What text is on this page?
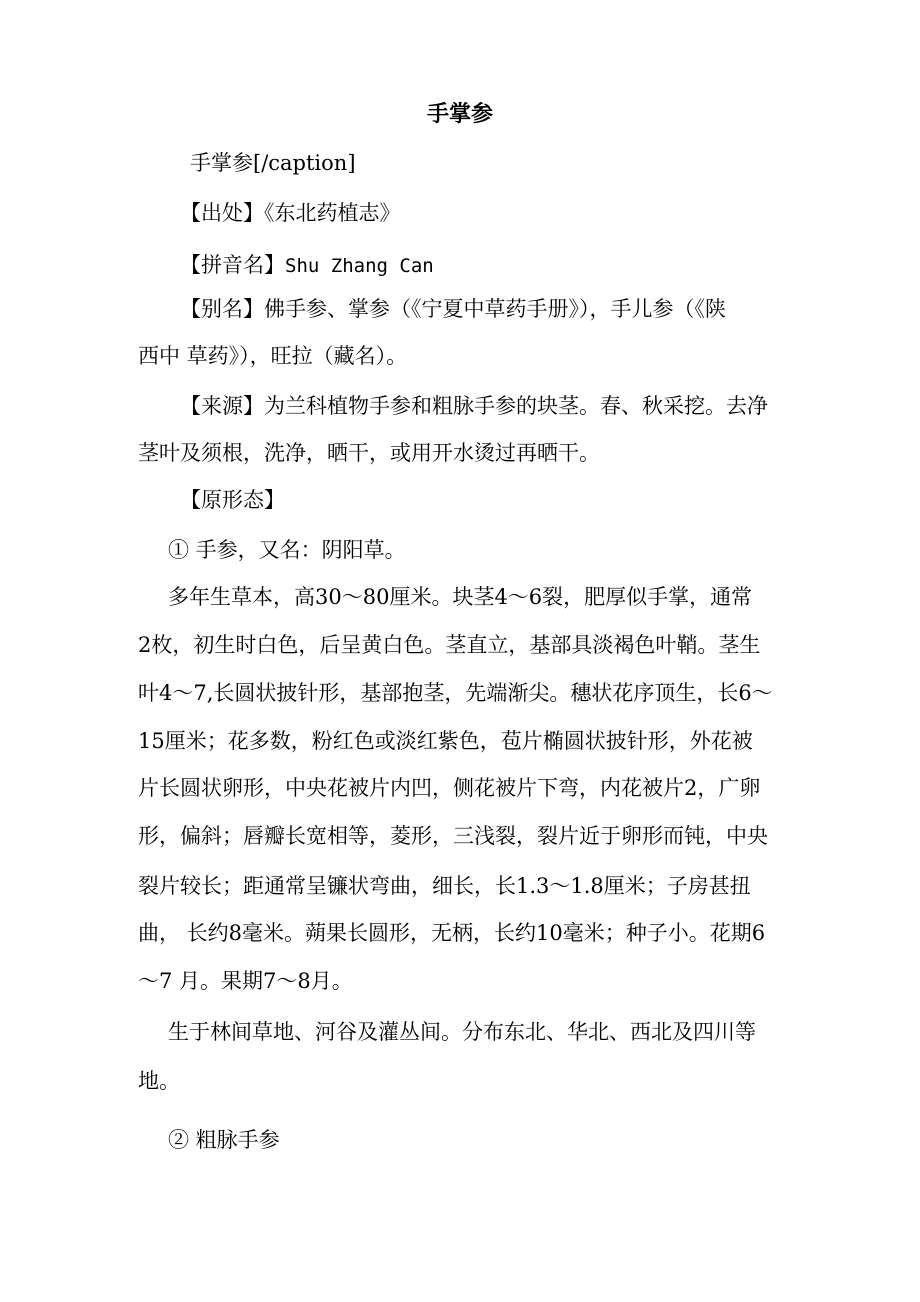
手掌参

手掌参[/caption]

【出处】《东北药植志》

【拼音名】Shu Zhang Can

【别名】佛手参、掌参（《宁夏中草药手册》），手儿参（《陕

西中 草药》），旺拉（藏名）。

【来源】为兰科植物手参和粗脉手参的块茎。春、秋采挖。去净

茎叶及须根，洗净，晒干，或用开水烫过再晒干。

【原形态】

① 手参，又名：阴阳草。

多年生草本，高30〜80厘米。块茎4〜6裂，肥厚似手掌，通常

2枚，初生时白色，后呈黄白色。茎直立，基部具淡褐色叶鞘。茎生

叶4〜7,长圆状披针形，基部抱茎，先端渐尖。穗状花序顶生，长6〜

15厘米；花多数，粉红色或淡红紫色，苞片椭圆状披针形，外花被

片长圆状卵形，中央花被片内凹，侧花被片下弯，内花被片2，广卵

形，偏斜；唇瓣长宽相等，菱形，三浅裂，裂片近于卵形而钝，中央

裂片较长；距通常呈镰状弯曲，细长，长1.3〜1.8厘米；子房甚扭

曲， 长约8毫米。蒴果长圆形，无柄，长约10毫米；种子小。花期6

〜7 月。果期7〜8月。

生于林间草地、河谷及灌丛间。分布东北、华北、西北及四川等

地。

② 粗脉手参
